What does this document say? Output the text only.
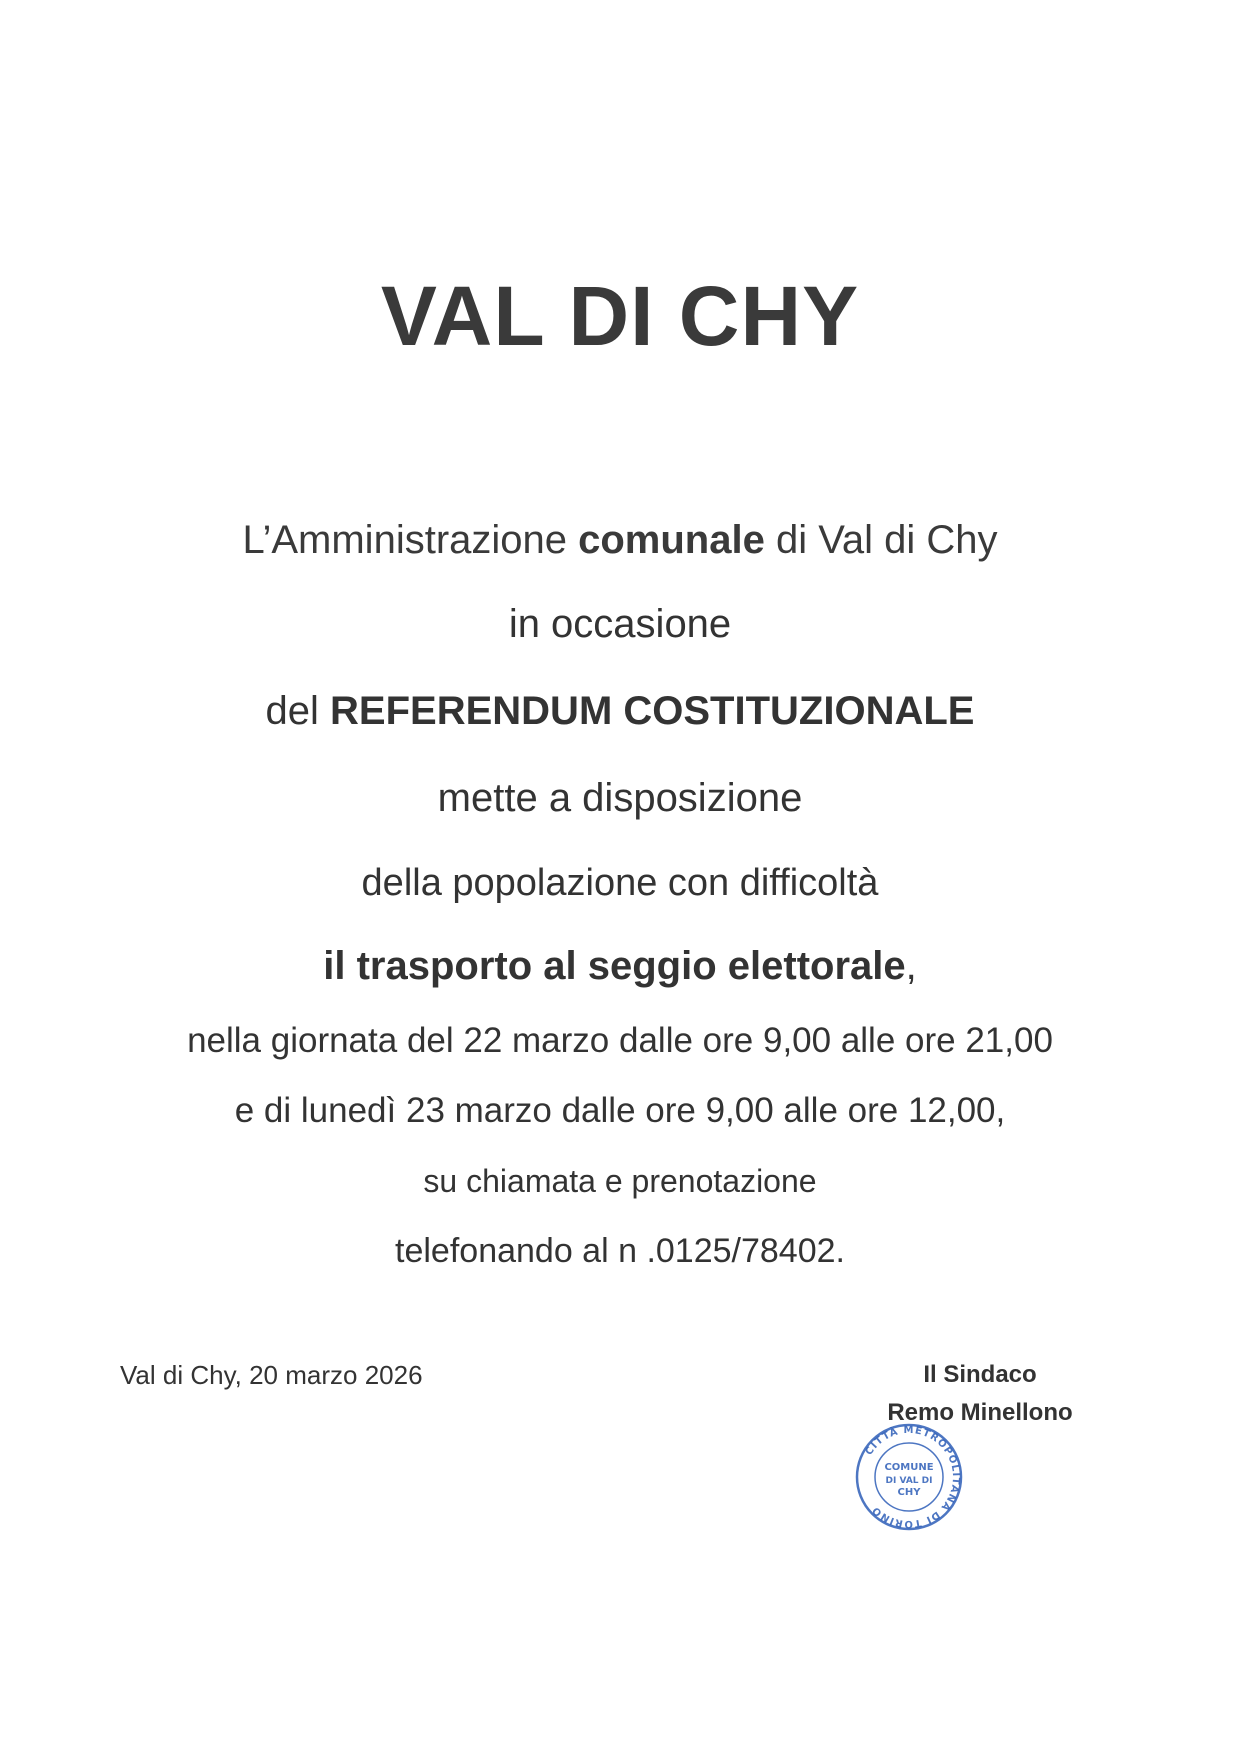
VAL DI CHY

L’Amministrazione comunale di Val di Chy

in occasione

del REFERENDUM COSTITUZIONALE

mette a disposizione

della popolazione con difficoltà

il trasporto al seggio elettorale,

nella giornata del 22 marzo dalle ore 9,00 alle ore 21,00

e di lunedì 23 marzo dalle ore 9,00 alle ore 12,00,

su chiamata e prenotazione

telefonando al n .0125/78402.

Val di Chy, 20 marzo 2026	Il Sindaco
Remo Minellono
CITTÀ METROPOLITANA DI TORINO
COMUNE
DI VAL DI
CHY
